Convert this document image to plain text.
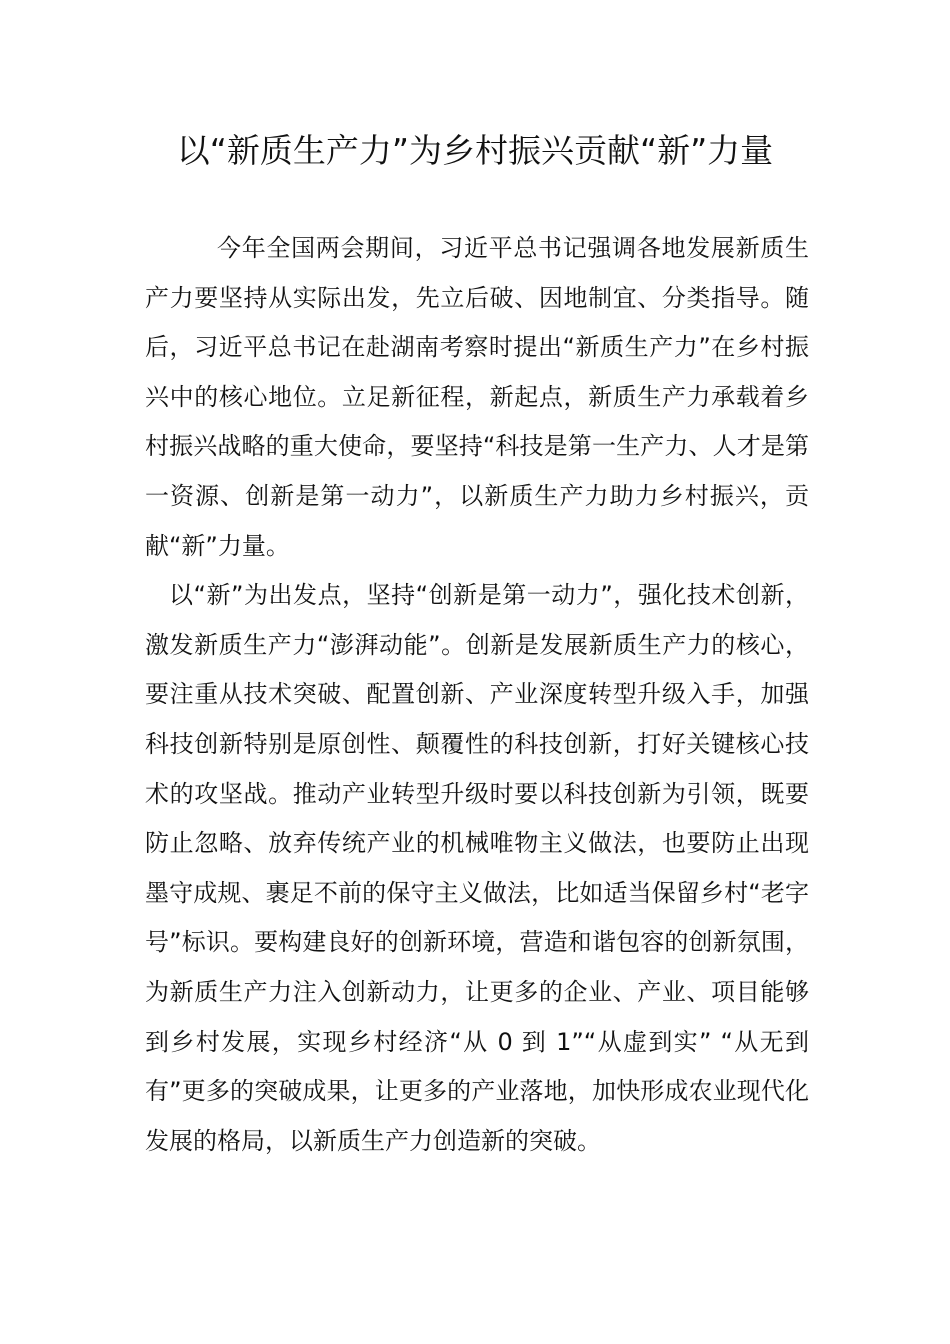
以“新质生产力”为乡村振兴贡献“新”力量

今年全国两会期间，习近平总书记强调各地发展新质生产力要坚持从实际出发，先立后破、因地制宜、分类指导。随后，习近平总书记在赴湖南考察时提出“新质生产力”在乡村振兴中的核心地位。立足新征程，新起点，新质生产力承载着乡村振兴战略的重大使命，要坚持“科技是第一生产力、人才是第一资源、创新是第一动力”，以新质生产力助力乡村振兴，贡献“新”力量。

以“新”为出发点，坚持“创新是第一动力”，强化技术创新，激发新质生产力“澎湃动能”。创新是发展新质生产力的核心，要注重从技术突破、配置创新、产业深度转型升级入手，加强科技创新特别是原创性、颠覆性的科技创新，打好关键核心技术的攻坚战。推动产业转型升级时要以科技创新为引领，既要防止忽略、放弃传统产业的机械唯物主义做法，也要防止出现墨守成规、裹足不前的保守主义做法，比如适当保留乡村“老字号”标识。要构建良好的创新环境，营造和谐包容的创新氛围，为新质生产力注入创新动力，让更多的企业、产业、项目能够到乡村发展，实现乡村经济“从 0 到 1”“从虚到实” “从无到有”更多的突破成果，让更多的产业落地，加快形成农业现代化发展的格局，以新质生产力创造新的突破。
